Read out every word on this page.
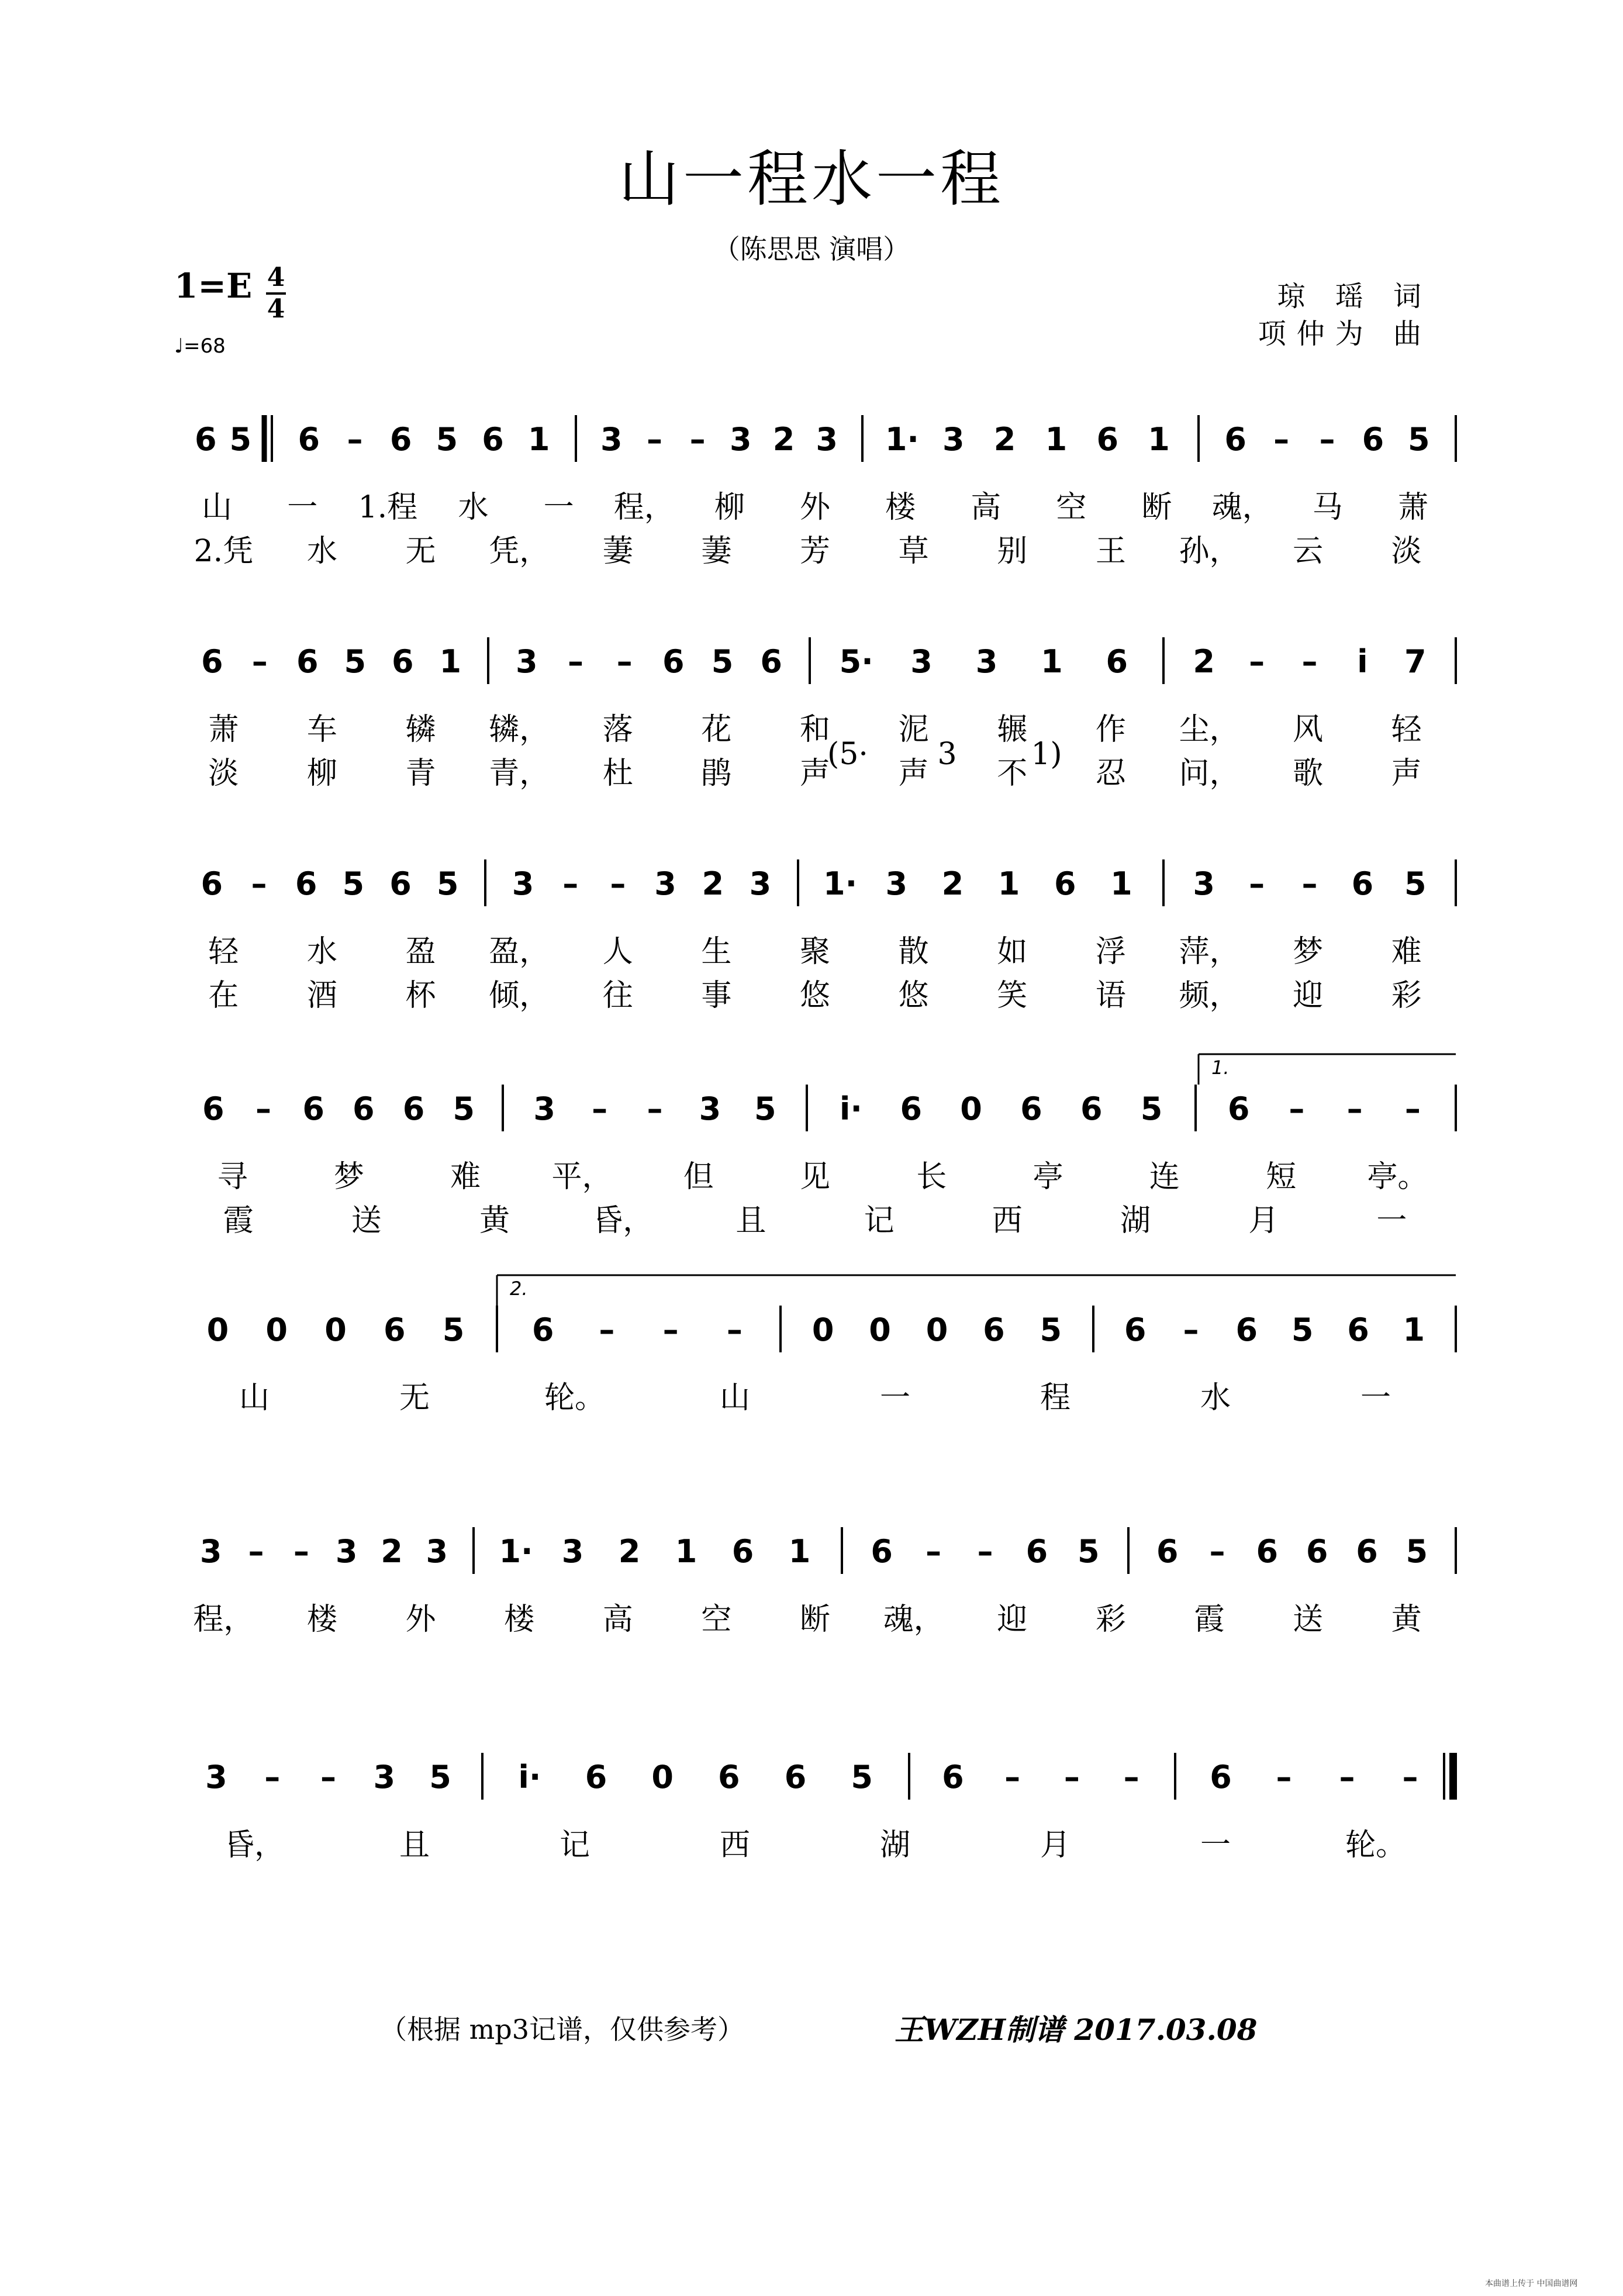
山一程水一程
（陈思思 演唱）
1=E 4
4
♩=68
琼 瑶 词
项仲为 曲
6 5 6 – 6 5 6 1 3 – – 3 2 3 1· 3 2 1 6 1 6 – – 6 5
山 一 1.程 水 一 程， 柳 外 楼 高 空 断 魂， 马 萧
2.凭 水 无 凭， 萋 萋 芳 草 别 王 孙， 云 淡
6 – 6 5 6 1 3 – – 6 5 6 5· 3 3 1 6 2 – – i 7
萧 车 辚 辚， 落 花 和 泥 辗 作 尘， 风 轻
淡 柳 青 青， 杜 鹃 声 声 不 忍 问， 歌 声
(5· 3 1)
6 – 6 5 6 5 3 – – 3 2 3 1· 3 2 1 6 1 3 – – 6 5
轻 水 盈 盈， 人 生 聚 散 如 浮 萍， 梦 难
在 酒 杯 倾， 往 事 悠 悠 笑 语 频， 迎 彩
6 – 6 6 6 5 3 – – 3 5 i· 6 0 6 6 5 6 – – –
寻	梦	难 平， 但	见	长	亭	连	短 亭。
霞	送	黄	昏，	且	记	西	湖	月	一
1.
0 0 0 6 5 6 – – – 0 0 0 6 5 6 – 6 5 6 1
山	无	轮。	山	一	程	水	一
2.
3 – – 3 2 3 1· 3 2 1 6 1 6 – – 6 5 6 – 6 6 6 5
程， 楼 外 楼 高 空 断 魂， 迎 彩 霞 送 黄
3 – – 3 5 i· 6 0 6 6 5 6 – – – 6 – – –
昏，	且	记	西	湖	月	一	轮。
（根据 mp3记谱，仅供参考）	王WZH制谱 2017.03.08
本曲谱上传于 中国曲谱网
